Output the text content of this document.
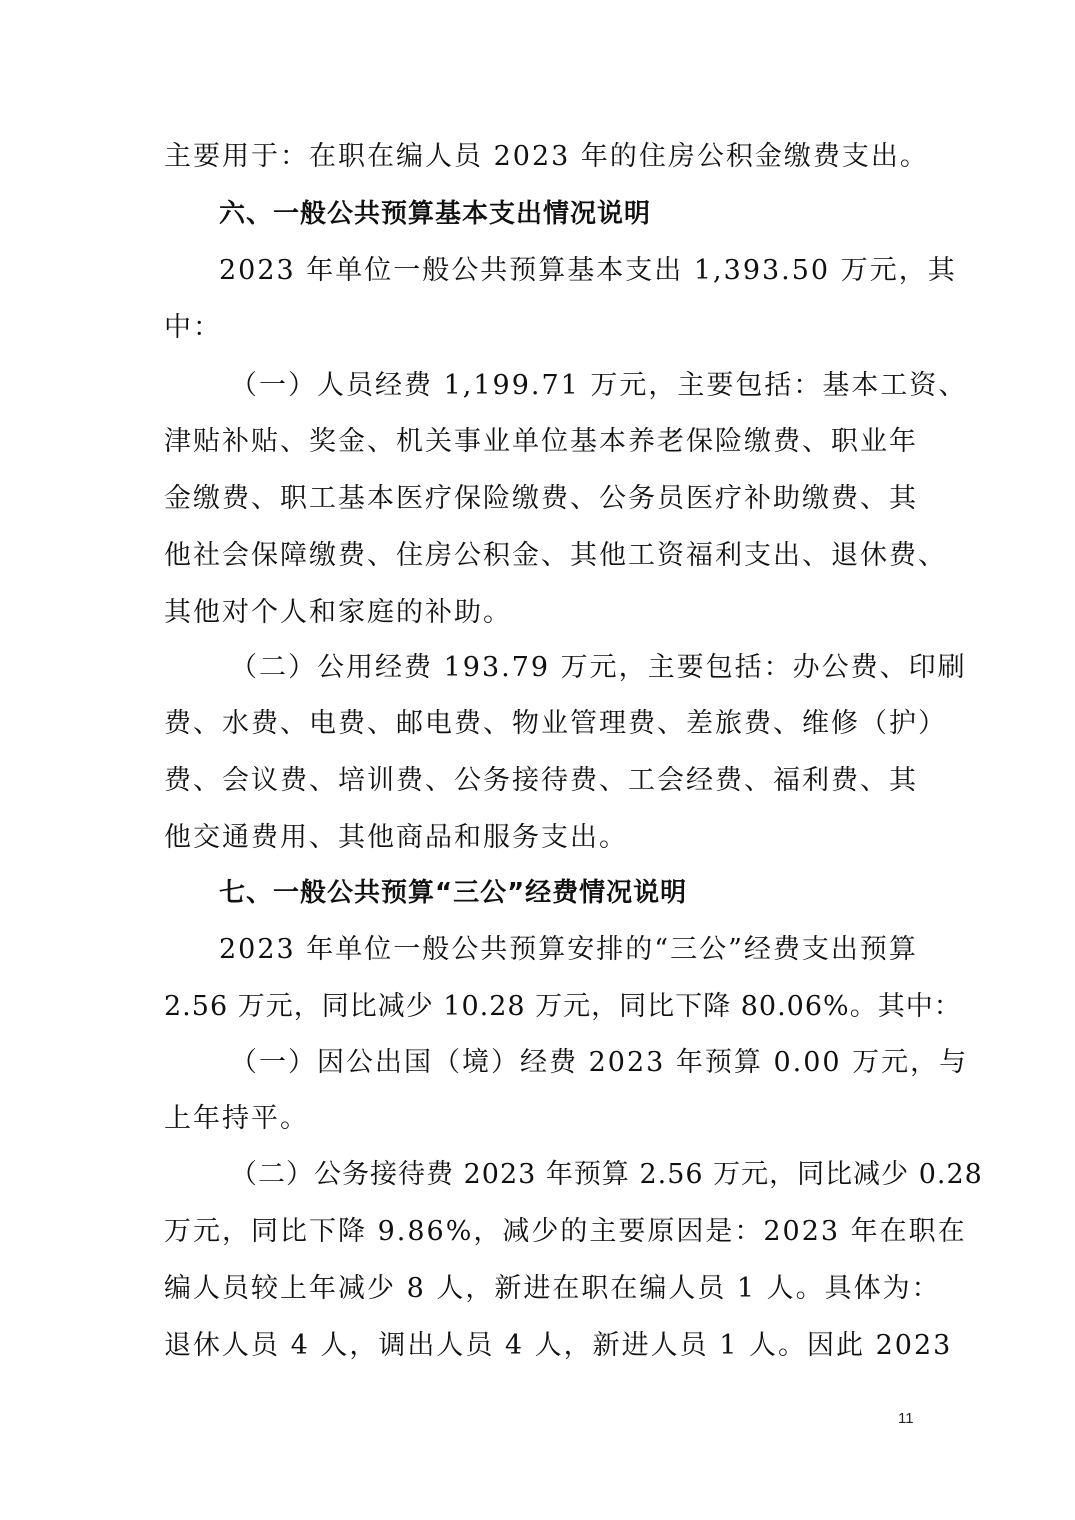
主要用于：在职在编人员 2023 年的住房公积金缴费支出。
六、一般公共预算基本支出情况说明
2023 年单位一般公共预算基本支出 1,393.50 万元，其
中：
（一）人员经费 1,199.71 万元，主要包括：基本工资、
津贴补贴、奖金、机关事业单位基本养老保险缴费、职业年
金缴费、职工基本医疗保险缴费、公务员医疗补助缴费、其
他社会保障缴费、住房公积金、其他工资福利支出、退休费、
其他对个人和家庭的补助。
（二）公用经费 193.79 万元，主要包括：办公费、印刷
费、水费、电费、邮电费、物业管理费、差旅费、维修（护）
费、会议费、培训费、公务接待费、工会经费、福利费、其
他交通费用、其他商品和服务支出。
七、一般公共预算“三公”经费情况说明
2023 年单位一般公共预算安排的“三公”经费支出预算
2.56 万元，同比减少 10.28 万元，同比下降 80.06%。其中：
（一）因公出国（境）经费 2023 年预算 0.00 万元，与
上年持平。
（二）公务接待费 2023 年预算 2.56 万元，同比减少 0.28
万元，同比下降 9.86%，减少的主要原因是：2023 年在职在
编人员较上年减少 8 人，新进在职在编人员 1 人。具体为：
退休人员 4 人，调出人员 4 人，新进人员 1 人。因此 2023
11
